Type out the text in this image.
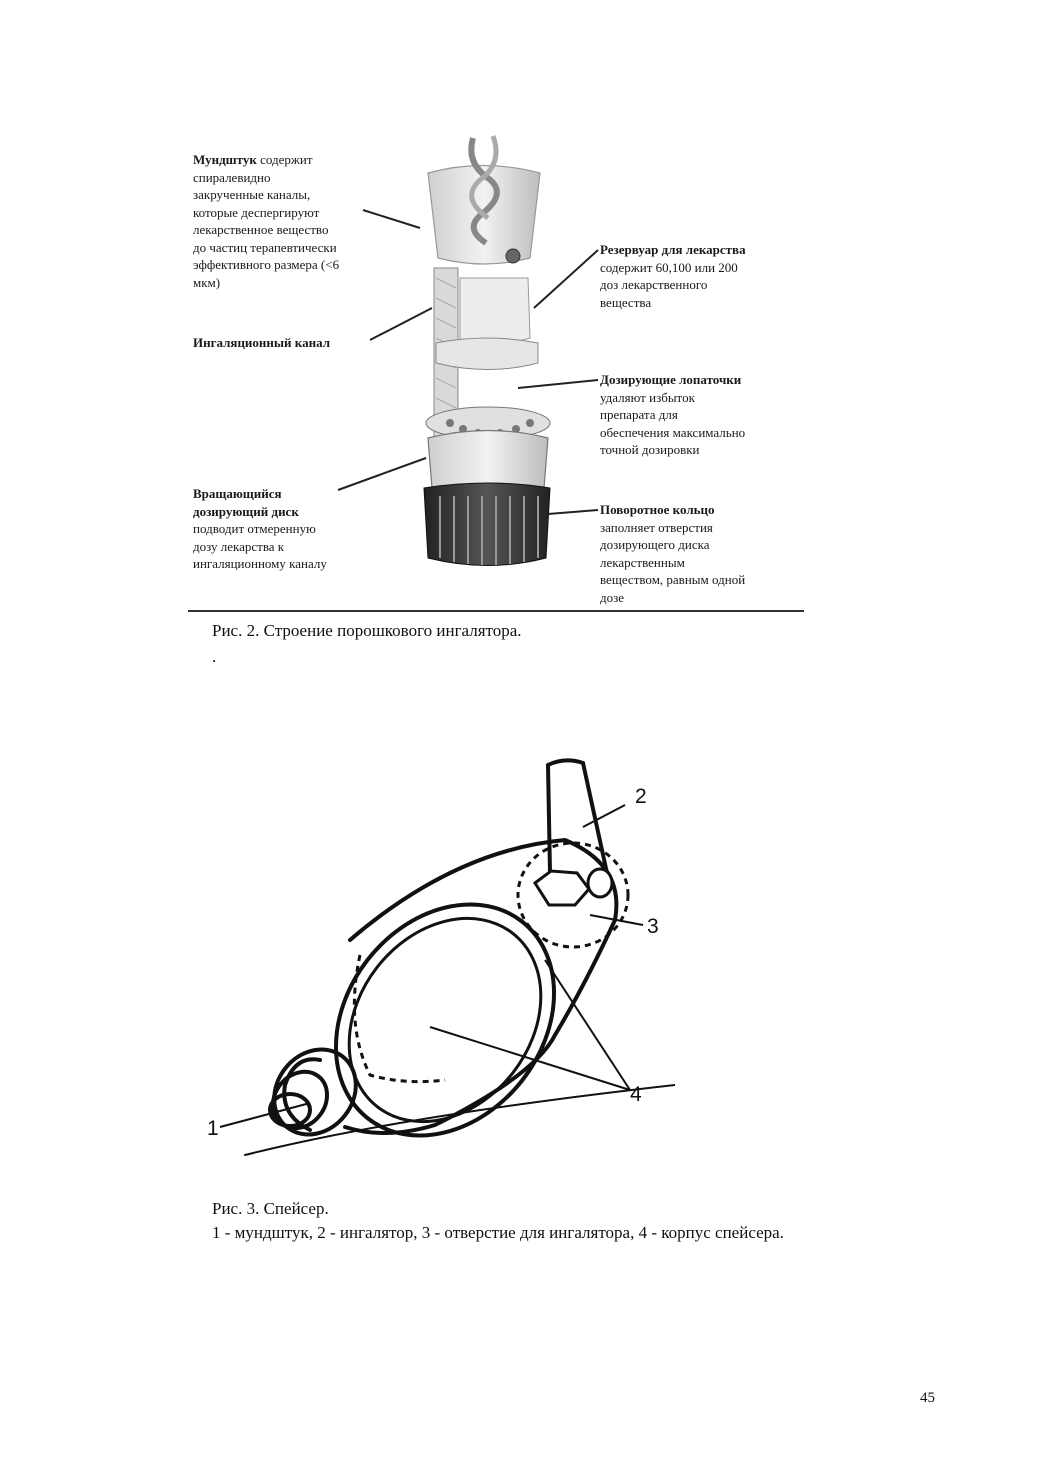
Мундштук содержит
спиралевидно
закрученные каналы,
которые деспергируют
лекарственное вещество
до частиц терапевтически
эффективного размера (<6
мкм)
Ингаляционный канал
Вращающийся
дозирующий диск
подводит отмеренную
дозу лекарства к
ингаляционному каналу
Резервуар для лекарства
содержит 60,100 или 200
доз лекарственного
вещества
Дозирующие лопаточки
удаляют избыток
препарата для
обеспечения максимально
точной дозировки
Поворотное кольцо
заполняет отверстия
дозирующего диска
лекарственным
веществом, равным одной
дозе
Рис. 2. Строение порошкового ингалятора.
.
1
2
3
4
Рис. 3. Спейсер.
1 - мундштук, 2 - ингалятор, 3 - отверстие для ингалятора, 4 - корпус спейсера.
45
